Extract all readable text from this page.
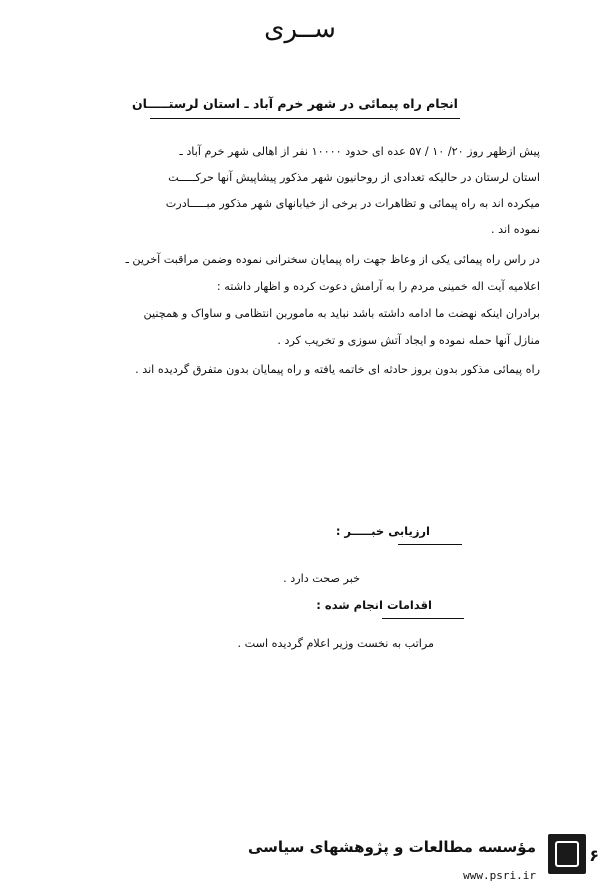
ســری
انجام راه پیمائی در شهر خرم آباد ـ استان لرستـــــان
پیش ازظهر روز ۲۰/ ۱۰ / ۵۷ عده ای حدود ۱۰۰۰۰ نفر از اهالی شهر خرم آباد ـ
استان لرستان در حالیکه تعدادی از روحانیون شهر مذکور پیشاپیش آنها حرکـــــت
میکرده اند به راه پیمائی و تظاهرات در برخی از خیابانهای شهر مذکور مبـــــادرت
نموده اند .
در راس راه پیمائی یکی از وعاظ جهت راه پیمایان سخنرانی نموده وضمن مراقبت آخرین ـ
اعلامیه آیت اله خمینی مردم را به آرامش دعوت کرده و اظهار داشته :
برادران اینکه نهضت ما ادامه داشته باشد نباید به ماموربن انتظامی و ساواک و همچنین
منازل آنها حمله نموده و ایجاد آتش سوزی و تخریب کرد .
راه پیمائی مذکور بدون بروز حادثه ای خاتمه یافته و راه پیمایان بدون متفرق گردیده اند .
ارزیابی خبـــــر :
خبر صحت دارد .
اقدامات انجام شده :
مراتب به نخست وزیر اعلام گردیده است .
مؤسسه مطالعات و پژوهشهای سیاسی
www.psri.ir
۶
